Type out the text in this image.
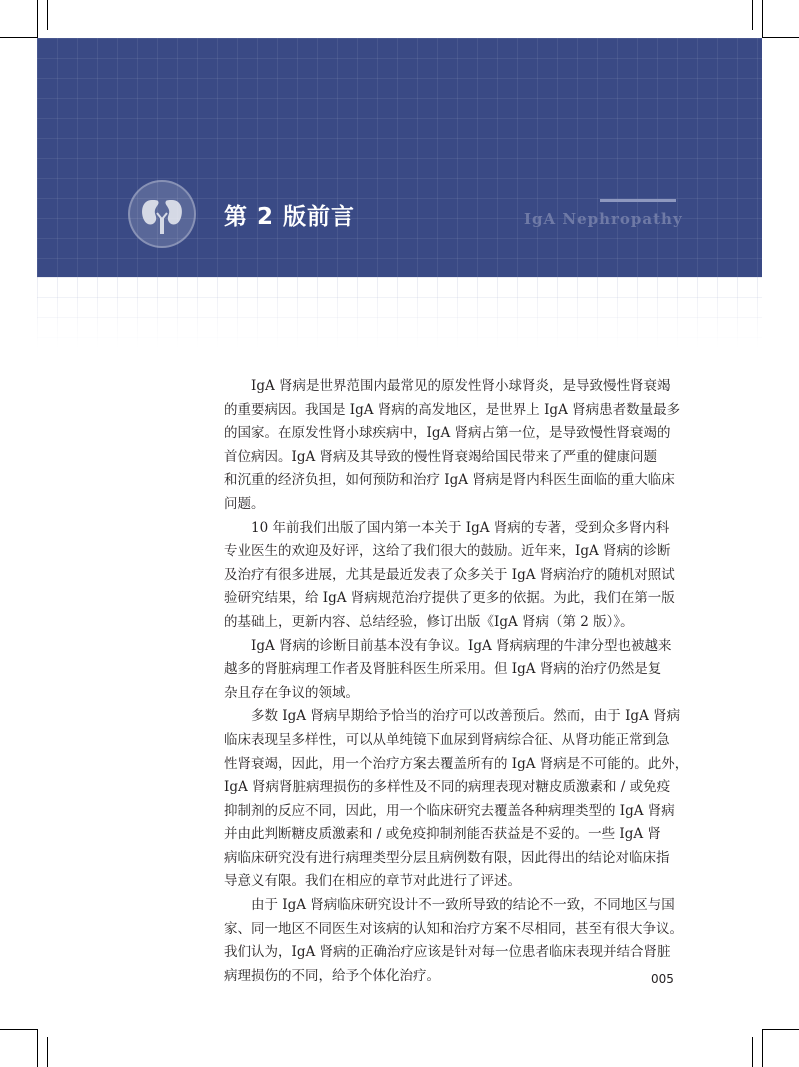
第 2 版前言	IgA Nephropathy
IgA 肾病是世界范围内最常见的原发性肾小球肾炎，是导致慢性肾衰竭
的重要病因。我国是 IgA 肾病的高发地区，是世界上 IgA 肾病患者数量最多
的国家。在原发性肾小球疾病中，IgA 肾病占第一位，是导致慢性肾衰竭的
首位病因。IgA 肾病及其导致的慢性肾衰竭给国民带来了严重的健康问题
和沉重的经济负担，如何预防和治疗 IgA 肾病是肾内科医生面临的重大临床
问题。
10 年前我们出版了国内第一本关于 IgA 肾病的专著，受到众多肾内科
专业医生的欢迎及好评，这给了我们很大的鼓励。近年来，IgA 肾病的诊断
及治疗有很多进展，尤其是最近发表了众多关于 IgA 肾病治疗的随机对照试
验研究结果，给 IgA 肾病规范治疗提供了更多的依据。为此，我们在第一版
的基础上，更新内容、总结经验，修订出版《IgA 肾病（第 2 版）》。
IgA 肾病的诊断目前基本没有争议。IgA 肾病病理的牛津分型也被越来
越多的肾脏病理工作者及肾脏科医生所采用。但 IgA 肾病的治疗仍然是复
杂且存在争议的领域。
多数 IgA 肾病早期给予恰当的治疗可以改善预后。然而，由于 IgA 肾病
临床表现呈多样性，可以从单纯镜下血尿到肾病综合征、从肾功能正常到急
性肾衰竭，因此，用一个治疗方案去覆盖所有的 IgA 肾病是不可能的。此外，
IgA 肾病肾脏病理损伤的多样性及不同的病理表现对糖皮质激素和 / 或免疫
抑制剂的反应不同，因此，用一个临床研究去覆盖各种病理类型的 IgA 肾病
并由此判断糖皮质激素和 / 或免疫抑制剂能否获益是不妥的。一些 IgA 肾
病临床研究没有进行病理类型分层且病例数有限，因此得出的结论对临床指
导意义有限。我们在相应的章节对此进行了评述。
由于 IgA 肾病临床研究设计不一致所导致的结论不一致，不同地区与国
家、同一地区不同医生对该病的认知和治疗方案不尽相同，甚至有很大争议。
我们认为，IgA 肾病的正确治疗应该是针对每一位患者临床表现并结合肾脏
病理损伤的不同，给予个体化治疗。	005
